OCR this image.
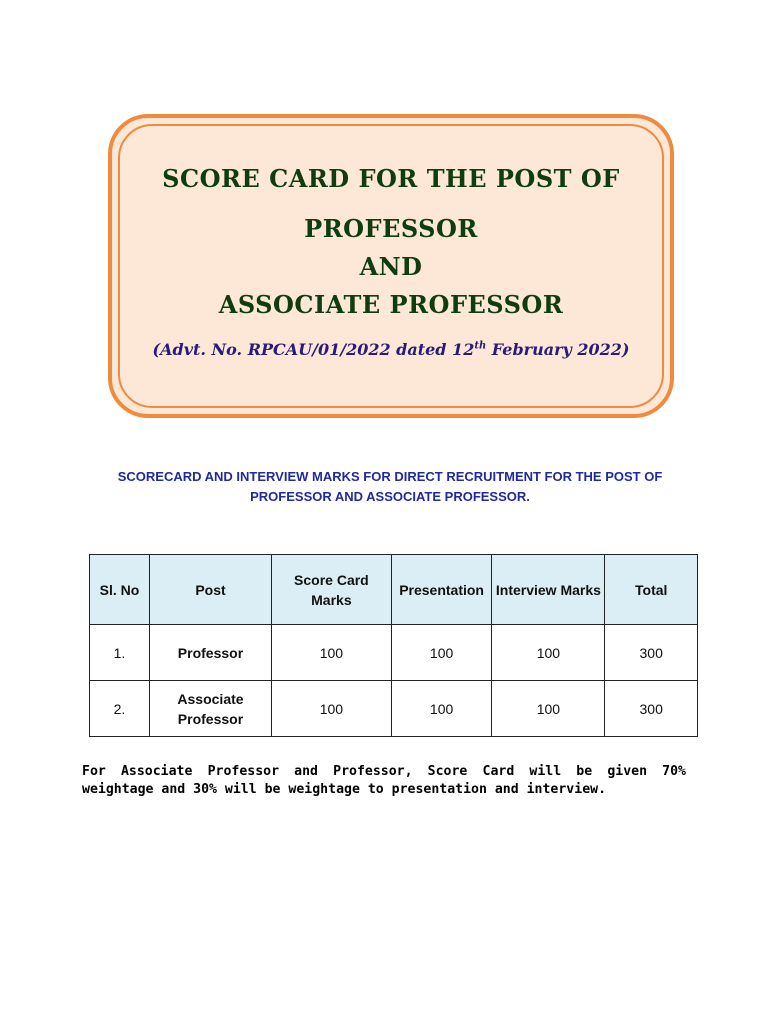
SCORE CARD FOR THE POST OF
PROFESSOR
AND
ASSOCIATE PROFESSOR
(Advt. No. RPCAU/01/2022 dated 12th February 2022)
SCORECARD AND INTERVIEW MARKS FOR DIRECT RECRUITMENT FOR THE POST OF
PROFESSOR AND ASSOCIATE PROFESSOR.
Sl. No	Post	Score Card Marks	Presentation	Interview Marks	Total
1.	Professor	100	100	100	300
2.	Associate Professor	100	100	100	300
For Associate Professor and Professor, Score Card will be given 70% weightage and 30% will be weightage to presentation and interview.
